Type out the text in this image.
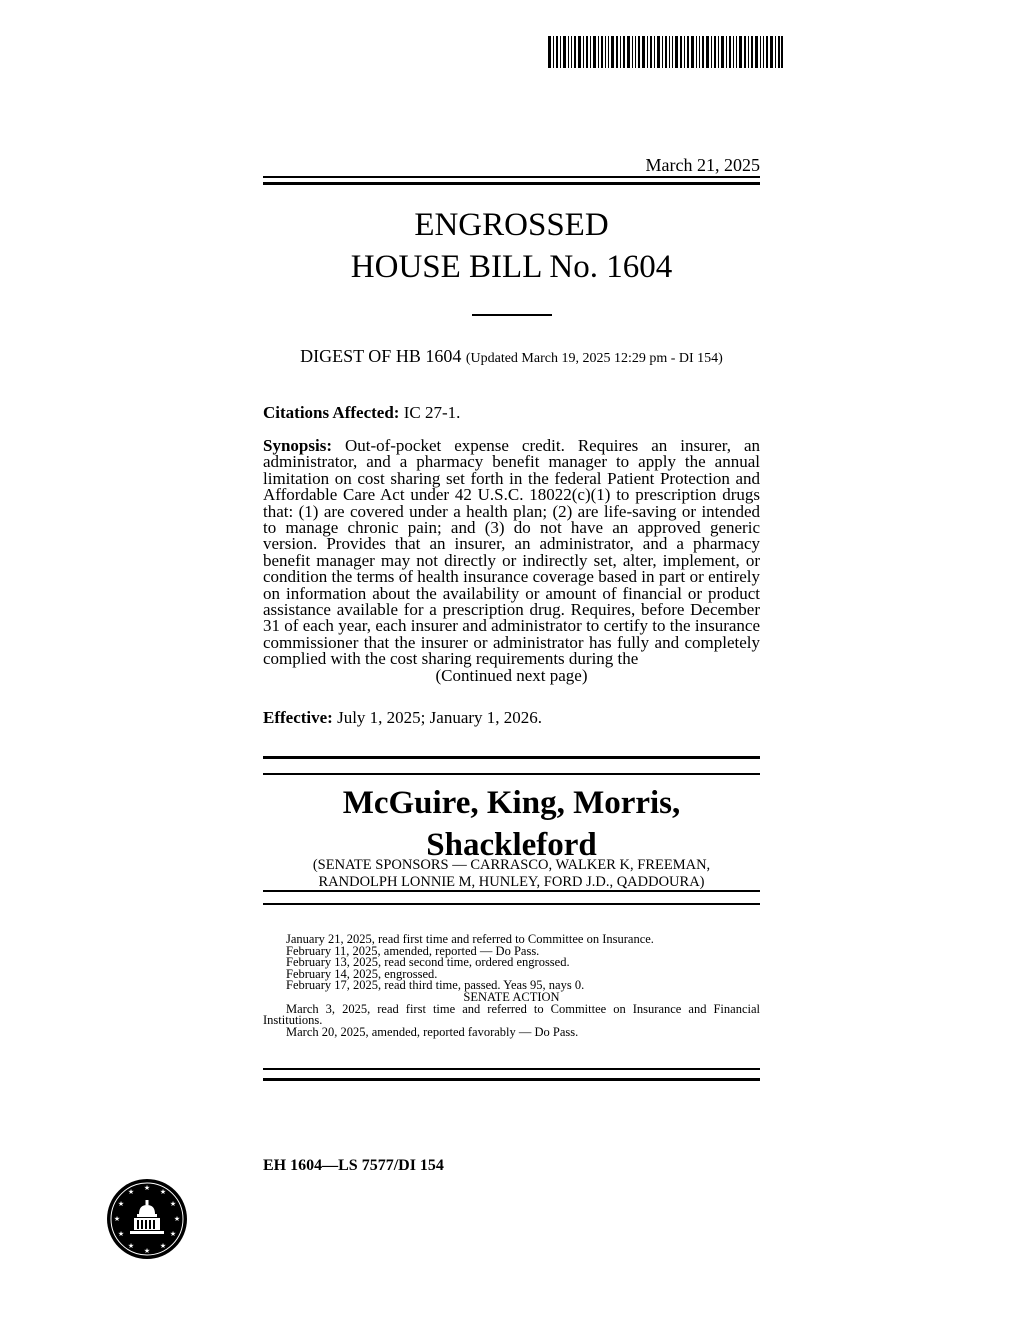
March 21, 2025
ENGROSSED
HOUSE BILL No. 1604
DIGEST OF HB 1604 (Updated March 19, 2025 12:29 pm - DI 154)
Citations Affected: IC 27-1.
Synopsis: Out-of-pocket expense credit. Requires an insurer, an administrator, and a pharmacy benefit manager to apply the annual limitation on cost sharing set forth in the federal Patient Protection and Affordable Care Act under 42 U.S.C. 18022(c)(1) to prescription drugs that: (1) are covered under a health plan; (2) are life-saving or intended to manage chronic pain; and (3) do not have an approved generic version. Provides that an insurer, an administrator, and a pharmacy benefit manager may not directly or indirectly set, alter, implement, or condition the terms of health insurance coverage based in part or entirely on information about the availability or amount of financial or product assistance available for a prescription drug. Requires, before December 31 of each year, each insurer and administrator to certify to the insurance commissioner that the insurer or administrator has fully and completely complied with the cost sharing requirements during the
(Continued next page)
Effective: July 1, 2025; January 1, 2026.
McGuire, King, Morris,
Shackleford
(SENATE SPONSORS — CARRASCO, WALKER K, FREEMAN,
RANDOLPH LONNIE M, HUNLEY, FORD J.D., QADDOURA)
January 21, 2025, read first time and referred to Committee on Insurance.
February 11, 2025, amended, reported — Do Pass.
February 13, 2025, read second time, ordered engrossed.
February 14, 2025, engrossed.
February 17, 2025, read third time, passed. Yeas 95, nays 0.
SENATE ACTION
March 3, 2025, read first time and referred to Committee on Insurance and Financial Institutions.
March 20, 2025, amended, reported favorably — Do Pass.
EH 1604—LS 7577/DI 154
★ ★
★
★
★
★
★
★
★
★
★
★
